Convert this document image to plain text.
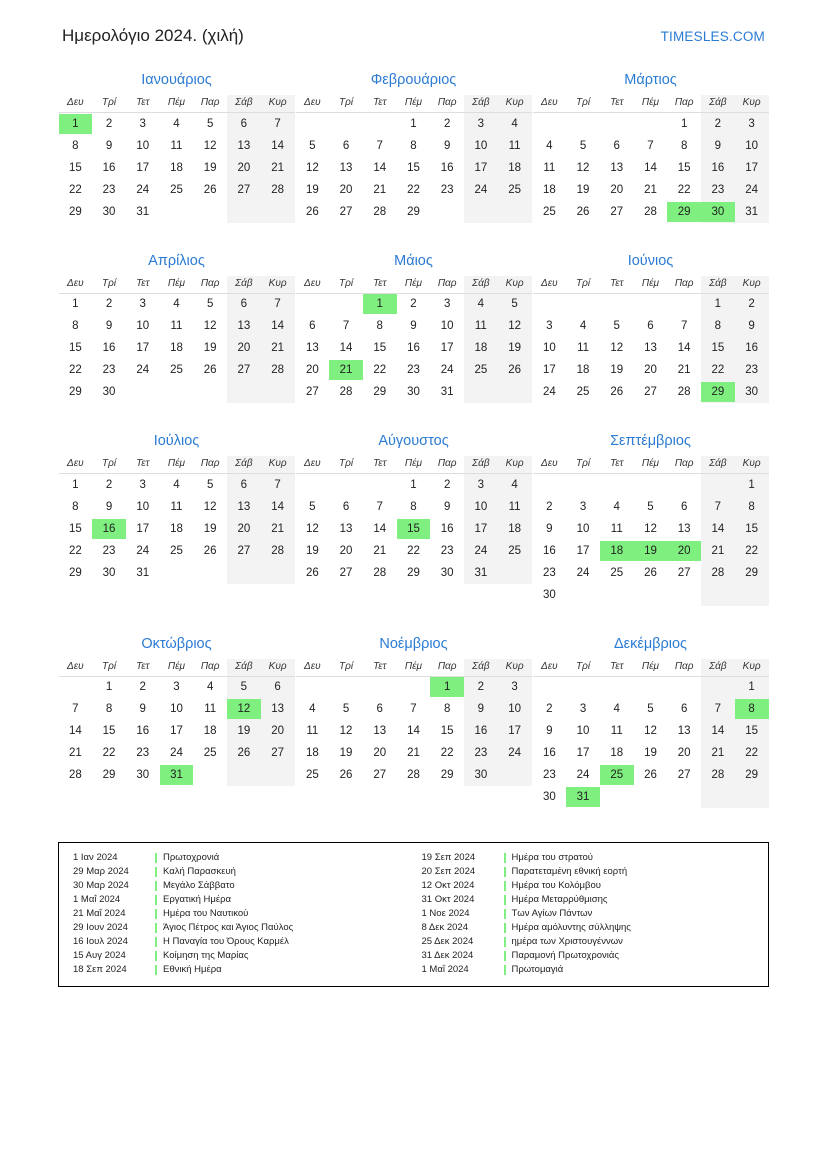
Ημερολόγιο 2024. (χιλή)	TIMESLES.COM
Ιανουάριος
Δευ	Τρί	Τετ	Πέμ	Παρ	Σάβ	Κυρ

1	2	3	4	5	6	7

8	9	10	11	12	13	14

15	16	17	18	19	20	21

22	23	24	25	26	27	28

29	30	31				

Φεβρουάριος
Δευ	Τρί	Τετ	Πέμ	Παρ	Σάβ	Κυρ

			1	2	3	4

5	6	7	8	9	10	11

12	13	14	15	16	17	18

19	20	21	22	23	24	25

26	27	28	29			

Μάρτιος
Δευ	Τρί	Τετ	Πέμ	Παρ	Σάβ	Κυρ

				1	2	3

4	5	6	7	8	9	10

11	12	13	14	15	16	17

18	19	20	21	22	23	24

25	26	27	28	29	30	31
Απρίλιος
Δευ	Τρί	Τετ	Πέμ	Παρ	Σάβ	Κυρ

1	2	3	4	5	6	7

8	9	10	11	12	13	14

15	16	17	18	19	20	21

22	23	24	25	26	27	28

29	30					

Μάιος
Δευ	Τρί	Τετ	Πέμ	Παρ	Σάβ	Κυρ

		1	2	3	4	5

6	7	8	9	10	11	12

13	14	15	16	17	18	19

20	21	22	23	24	25	26

27	28	29	30	31		

Ιούνιος
Δευ	Τρί	Τετ	Πέμ	Παρ	Σάβ	Κυρ

					1	2

3	4	5	6	7	8	9

10	11	12	13	14	15	16

17	18	19	20	21	22	23

24	25	26	27	28	29	30
Ιούλιος
Δευ	Τρί	Τετ	Πέμ	Παρ	Σάβ	Κυρ

1	2	3	4	5	6	7

8	9	10	11	12	13	14

15	16	17	18	19	20	21

22	23	24	25	26	27	28

29	30	31				

Αύγουστος
Δευ	Τρί	Τετ	Πέμ	Παρ	Σάβ	Κυρ

			1	2	3	4

5	6	7	8	9	10	11

12	13	14	15	16	17	18

19	20	21	22	23	24	25

26	27	28	29	30	31	

Σεπτέμβριος
Δευ	Τρί	Τετ	Πέμ	Παρ	Σάβ	Κυρ

						1

2	3	4	5	6	7	8

9	10	11	12	13	14	15

16	17	18	19	20	21	22

23	24	25	26	27	28	29

30						

Οκτώβριος
Δευ	Τρί	Τετ	Πέμ	Παρ	Σάβ	Κυρ

	1	2	3	4	5	6

7	8	9	10	11	12	13

14	15	16	17	18	19	20

21	22	23	24	25	26	27

28	29	30	31			

Νοέμβριος
Δευ	Τρί	Τετ	Πέμ	Παρ	Σάβ	Κυρ

				1	2	3

4	5	6	7	8	9	10

11	12	13	14	15	16	17

18	19	20	21	22	23	24

25	26	27	28	29	30	

Δεκέμβριος
Δευ	Τρί	Τετ	Πέμ	Παρ	Σάβ	Κυρ

						1

2	3	4	5	6	7	8

9	10	11	12	13	14	15

16	17	18	19	20	21	22

23	24	25	26	27	28	29

30	31					

1 Ιαν 2024	Πρωτοχρονιά
29 Μαρ 2024	Καλή Παρασκευή
30 Μαρ 2024	Μεγάλο Σάββατο
1 Μαΐ 2024	Εργατική Ημέρα
21 Μαΐ 2024	Ημέρα του Ναυτικού
29 Ιουν 2024	Άγιος Πέτρος και Άγιος Παύλος
16 Ιουλ 2024	Η Παναγία του Όρους Καρμέλ
15 Αυγ 2024	Κοίμηση της Μαρίας
18 Σεπ 2024	Εθνική Ημέρα
19 Σεπ 2024	Ημέρα του στρατού
20 Σεπ 2024	Παρατεταμένη εθνική εορτή
12 Οκτ 2024	Ημέρα του Κολόμβου
31 Οκτ 2024	Ημέρα Μεταρρύθμισης
1 Νοε 2024	Των Αγίων Πάντων
8 Δεκ 2024	Ημέρα αμόλυντης σύλληψης
25 Δεκ 2024	ημέρα των Χριστουγέννων
31 Δεκ 2024	Παραμονή Πρωτοχρονιάς
1 Μαΐ 2024	Πρωτομαγιά
